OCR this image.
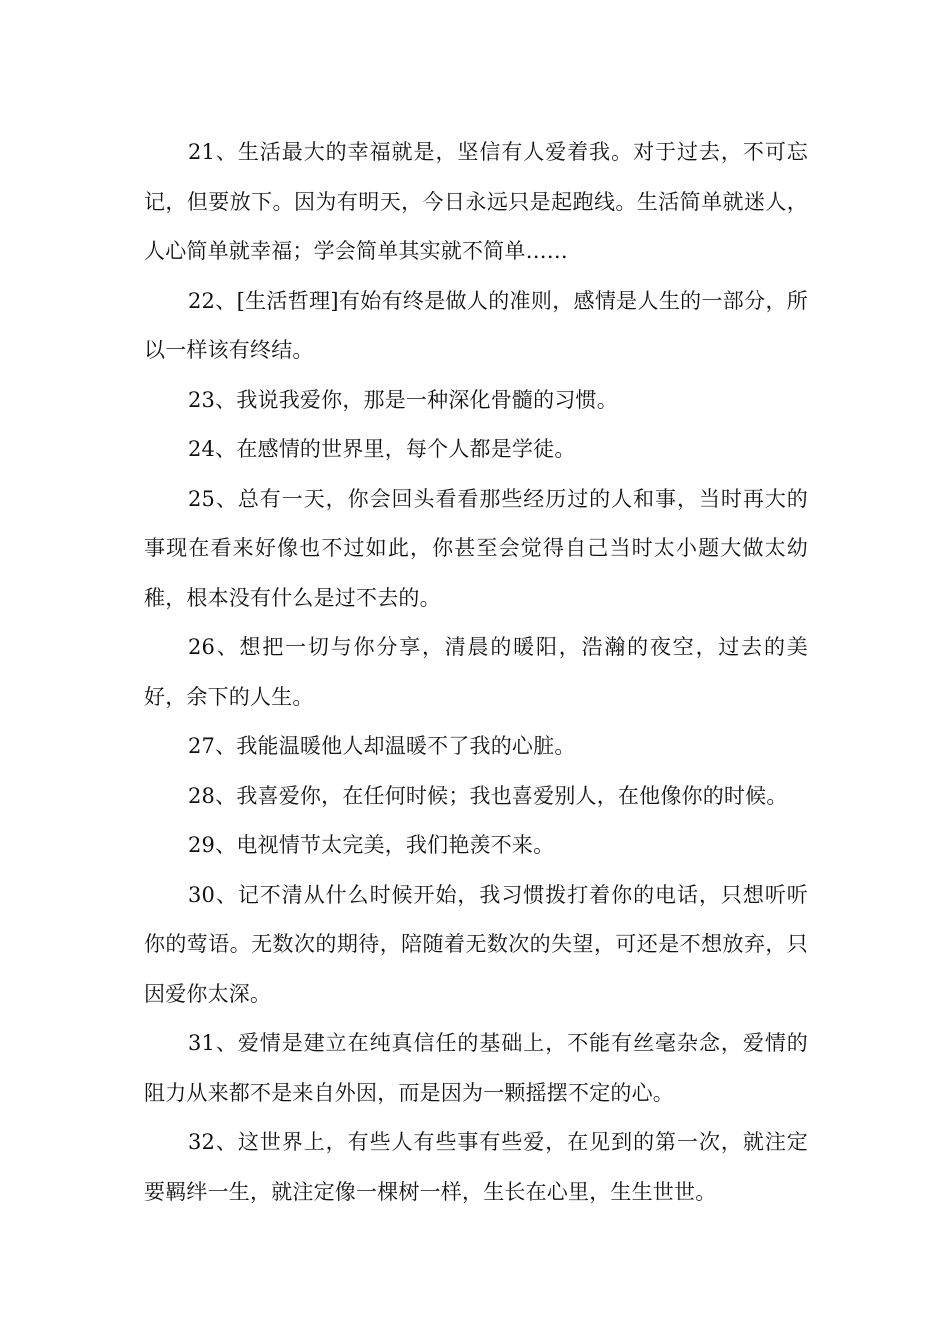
21、生活最大的幸福就是，坚信有人爱着我。对于过去，不可忘记，但要放下。因为有明天，今日永远只是起跑线。生活简单就迷人，人心简单就幸福；学会简单其实就不简单……

22、[生活哲理]有始有终是做人的准则，感情是人生的一部分，所以一样该有终结。

23、我说我爱你，那是一种深化骨髓的习惯。

24、在感情的世界里，每个人都是学徒。

25、总有一天，你会回头看看那些经历过的人和事，当时再大的事现在看来好像也不过如此，你甚至会觉得自己当时太小题大做太幼稚，根本没有什么是过不去的。

26、想把一切与你分享，清晨的暖阳，浩瀚的夜空，过去的美好，余下的人生。

27、我能温暖他人却温暖不了我的心脏。

28、我喜爱你，在任何时候；我也喜爱别人，在他像你的时候。

29、电视情节太完美，我们艳羡不来。

30、记不清从什么时候开始，我习惯拨打着你的电话，只想听听你的莺语。无数次的期待，陪随着无数次的失望，可还是不想放弃，只因爱你太深。

31、爱情是建立在纯真信任的基础上，不能有丝毫杂念，爱情的阻力从来都不是来自外因，而是因为一颗摇摆不定的心。

32、这世界上，有些人有些事有些爱，在见到的第一次，就注定要羁绊一生，就注定像一棵树一样，生长在心里，生生世世。
